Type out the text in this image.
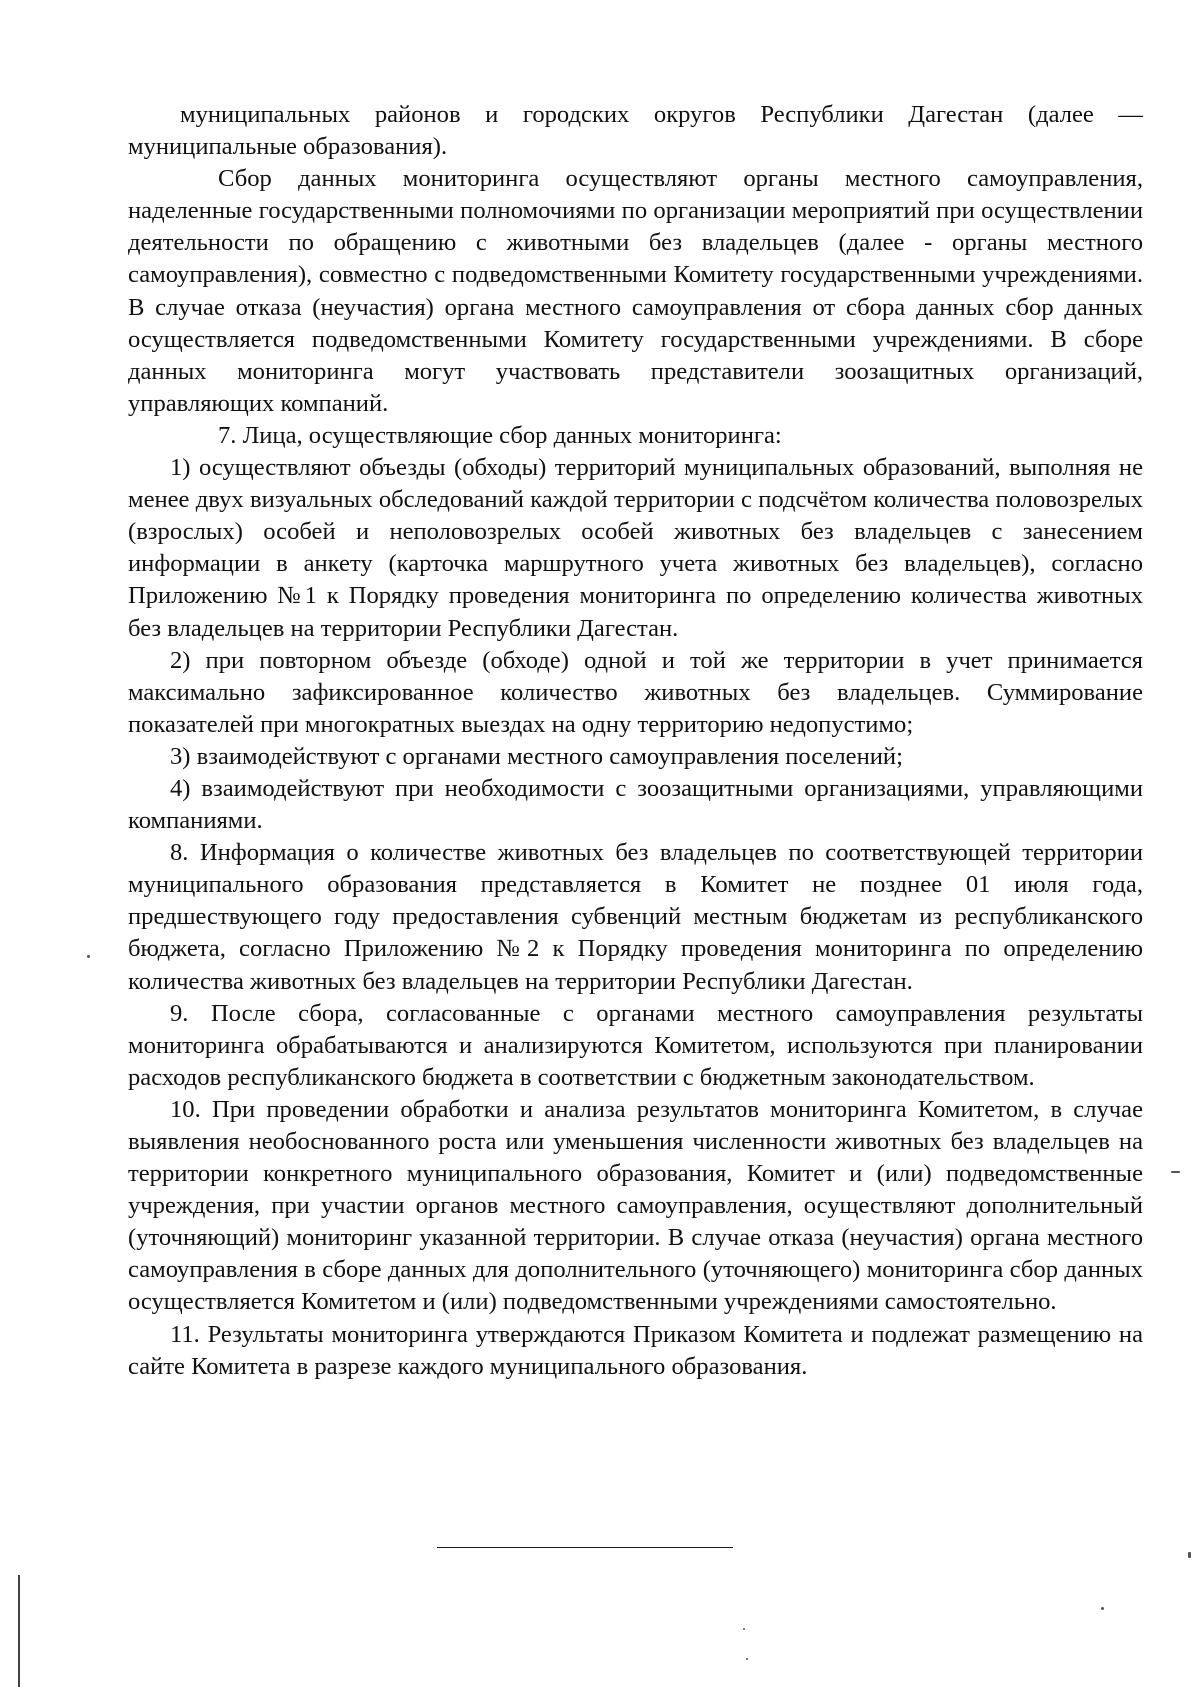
муниципальных районов и городских округов Республики Дагестан (далее — муниципальные образования).

Сбор данных мониторинга осуществляют органы местного самоуправления, наделенные государственными полномочиями по организации мероприятий при осуществлении деятельности по обращению с животными без владельцев (далее - органы местного самоуправления), совместно с подведомственными Комитету государственными учреждениями. В случае отказа (неучастия) органа местного самоуправления от сбора данных сбор данных осуществляется подведомственными Комитету государственными учреждениями. В сборе данных мониторинга могут участвовать представители зоозащитных организаций, управляющих компаний.

7. Лица, осуществляющие сбор данных мониторинга:

1) осуществляют объезды (обходы) территорий муниципальных образований, выполняя не менее двух визуальных обследований каждой территории с подсчётом количества половозрелых (взрослых) особей и неполовозрелых особей животных без владельцев с занесением информации в анкету (карточка маршрутного учета животных без владельцев), согласно Приложению №1 к Порядку проведения мониторинга по определению количества животных без владельцев на территории Республики Дагестан.

2) при повторном объезде (обходе) одной и той же территории в учет принимается максимально зафиксированное количество животных без владельцев. Суммирование показателей при многократных выездах на одну территорию недопустимо;

3) взаимодействуют с органами местного самоуправления поселений;

4) взаимодействуют при необходимости с зоозащитными организациями, управляющими компаниями.

8. Информация о количестве животных без владельцев по соответствующей территории муниципального образования представляется в Комитет не позднее 01 июля года, предшествующего году предоставления субвенций местным бюджетам из республиканского бюджета, согласно Приложению №2 к Порядку проведения мониторинга по определению количества животных без владельцев на территории Республики Дагестан.

9. После сбора, согласованные с органами местного самоуправления результаты мониторинга обрабатываются и анализируются Комитетом, используются при планировании расходов республиканского бюджета в соответствии с бюджетным законодательством.

10. При проведении обработки и анализа результатов мониторинга Комитетом, в случае выявления необоснованного роста или уменьшения численности животных без владельцев на территории конкретного муниципального образования, Комитет и (или) подведомственные учреждения, при участии органов местного самоуправления, осуществляют дополнительный (уточняющий) мониторинг указанной территории. В случае отказа (неучастия) органа местного самоуправления в сборе данных для дополнительного (уточняющего) мониторинга сбор данных осуществляется Комитетом и (или) подведомственными учреждениями самостоятельно.

11. Результаты мониторинга утверждаются Приказом Комитета и подлежат размещению на сайте Комитета в разрезе каждого муниципального образования.
